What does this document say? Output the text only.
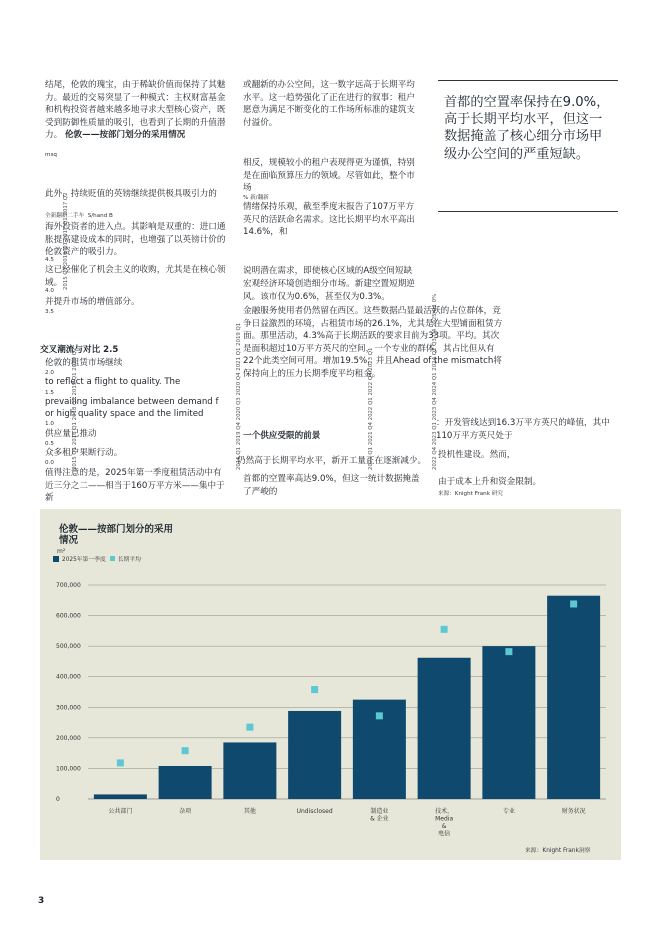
结尾，伦敦的瑰宝，由于稀缺价值而保持了其魅力。最近的交易突显了一种模式：主权财富基金和机构投资者越来越多地寻求大型核心资产，既受到防御性质量的吸引，也看到了长期的升值潜力。 伦敦——按部门划分的采用情况
msq
此外，持续贬值的英镑继续提供极具吸引力的
全新翻新二手车 S/hand B
海外投资者的进入点。其影响是双重的：进口通胀提高建设成本的同时，也增强了以英镑计价的伦敦资产的吸引力。
4.5
这已经催化了机会主义的收购，尤其是在核心领域。
4.0
并提升市场的增值部分。
3.5
交叉潮流与对比 2.5
伦敦的租赁市场继续
2.0
to reflect a flight to quality. The
1.5
prevailing imbalance between demand f
or high quality space and the limited
1.0
供应量已推动
0.5
众多租户果断行动。
0.0
值得注意的是，2025年第一季度租赁活动中有近三分之二——相当于160万平方米——集中于新
2015 Q1 2016 Q1 2017 Q1 2017 Q2
2015 Q1 2016 Q1 2018 Q1 2019 Q1 2019 Q2	2015 Q1 2019 Q4 2020 Q3 2020 Q4 2021 Q1 2019 Q1	2021 Q1 2021 Q4 2022 Q1 2022 Q4 2023 Q1	2022 Q4 2023 Q1 2023 Q4 2024 Q1 2024 Q2 Q3 Q4 2025 Q1 0%
或翻新的办公空间，这一数字远高于长期平均水平。这一趋势强化了正在进行的叙事：租户愿意为满足不断变化的工作场所标准的建筑支付溢价。
相反，规模较小的租户表现得更为谨慎，特别是在面临预算压力的领域。尽管如此，整个市场
% 新/翻新
情绪保持乐观，截至季度末报告了107万平方英尺的活跃命名需求。这比长期平均水平高出14.6%，和
说明潜在需求，即使核心区域的A级空间短缺
宏观经济环境创造细分市场。新建空置短期逆风。该市仅为0.6%，甚至仅为0.3%。
金融服务使用者仍然留在西区。这些数据凸显最活跃的占位群体，竞争日益激烈的环境，占租赁市场的26.1%，尤其是在大型铺面租赁方面。那里活动，4.3%高于长期活跃的要求目前为33项。平均。其次是面积超过10万平方英尺的空间，一个专业的群体，其占比但从有22个此类空间可用。增加19.5%，并且Ahead of the mismatch将保持向上的压力长期季度平均租金。
一个供应受限的前景
仍然高于长期平均水平，新开工量正在逐渐减少。
首都的空置率高达9.0%，但这一统计数据掩盖了严峻的
首都的空置率保持在9.0%，高于长期平均水平，但这一数据掩盖了核心细分市场甲级办公空间的严重短缺。
：开发管线达到16.3万平方英尺的峰值，其中110万平方英尺处于
投机性建设。然而，
由于成本上升和资金限制。
来源：Knight Frank 研究
伦敦——按部门划分的采用情况
m²
2025年第一季度 长期平均
0
100,000
200,000
300,000
400,000
500,000
600,000
700,000
公共部门	杂项	其他	Undisclosed	制造业
& 企业
技术，
Media
&
电信
专业	财务状况
来源：Knight Frank洞察
3
